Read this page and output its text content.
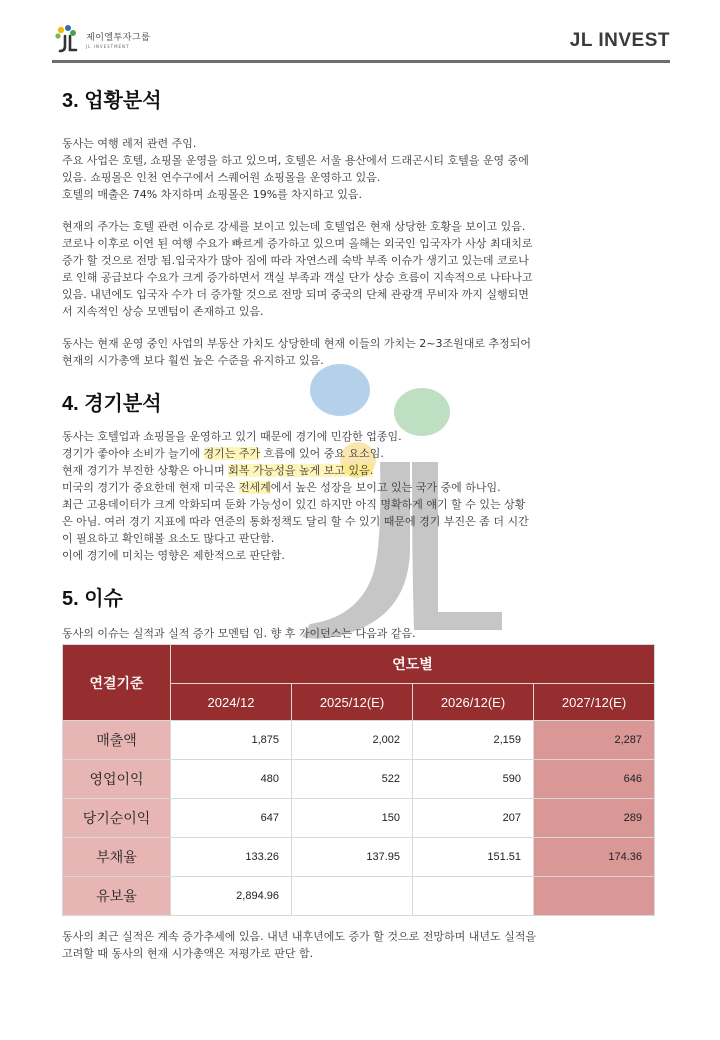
제이엘투자그룹
JL INVESTMENT	JL INVEST
3. 업황분석
동사는 여행 레저 관련 주임.
주요 사업은 호텔, 쇼핑몰 운영을 하고 있으며, 호텔은 서울 용산에서 드래곤시티 호텔을 운영 중에
있음. 쇼핑몰은 인천 연수구에서 스퀘어원 쇼핑몰을 운영하고 있음.
호텔의 매출은 74% 차지하며 쇼핑몰은 19%를 차지하고 있음.
현재의 주가는 호텔 관련 이슈로 강세를 보이고 있는데 호텔업은 현재 상당한 호황을 보이고 있음.
코로나 이후로 이연 된 여행 수요가 빠르게 증가하고 있으며 올해는 외국인 입국자가 사상 최대치로
증가 할 것으로 전망 됨.입국자가 많아 짐에 따라 자연스레 숙박 부족 이슈가 생기고 있는데 코로나
로 인해 공급보다 수요가 크게 증가하면서 객실 부족과 객실 단가 상승 흐름이 지속적으로 나타나고
있음. 내년에도 입국자 수가 더 증가할 것으로 전망 되며 중국의 단체 관광객 무비자 까지 실행되면
서 지속적인 상승 모멘텀이 존재하고 있음.
동사는 현재 운영 중인 사업의 부동산 가치도 상당한데 현재 이들의 가치는 2~3조원대로 추정되어
현재의 시가총액 보다 훨씬 높은 수준을 유지하고 있음.
4. 경기분석
동사는 호텔업과 쇼핑몰을 운영하고 있기 때문에 경기에 민감한 업종임.
경기가 좋아야 소비가 늘기에 경기는 주가 흐름에 있어 중요 요소임.
현재 경기가 부진한 상황은 아니며 회복 가능성을 높게 보고 있음.
미국의 경기가 중요한데 현재 미국은 전세계에서 높은 성장을 보이고 있는 국가 중에 하나임.
최근 고용데이터가 크게 악화되며 둔화 가능성이 있긴 하지만 아직 명확하게 얘기 할 수 있는 상황
은 아님. 여러 경기 지표에 따라 연준의 통화정책도 달리 할 수 있기 때문에 경기 부진은 좀 더 시간
이 필요하고 확인해볼 요소도 많다고 판단함.
이에 경기에 미치는 영향은 제한적으로 판단함.
5. 이슈
동사의 이슈는 실적과 실적 증가 모멘텀 임. 향 후 가이던스는 다음과 같음.
연결기준	연도별			
	2024/12	2025/12(E)	2026/12(E)	2027/12(E)
매출액	1,875	2,002	2,159	2,287
영업이익	480	522	590	646
당기순이익	647	150	207	289
부채율	133.26	137.95	151.51	174.36
유보율	2,894.96			
동사의 최근 실적은 계속 증가추세에 있음. 내년 내후년에도 증가 할 것으로 전망하며 내년도 실적을
고려할 때 동사의 현재 시가총액은 저평가로 판단 함.
